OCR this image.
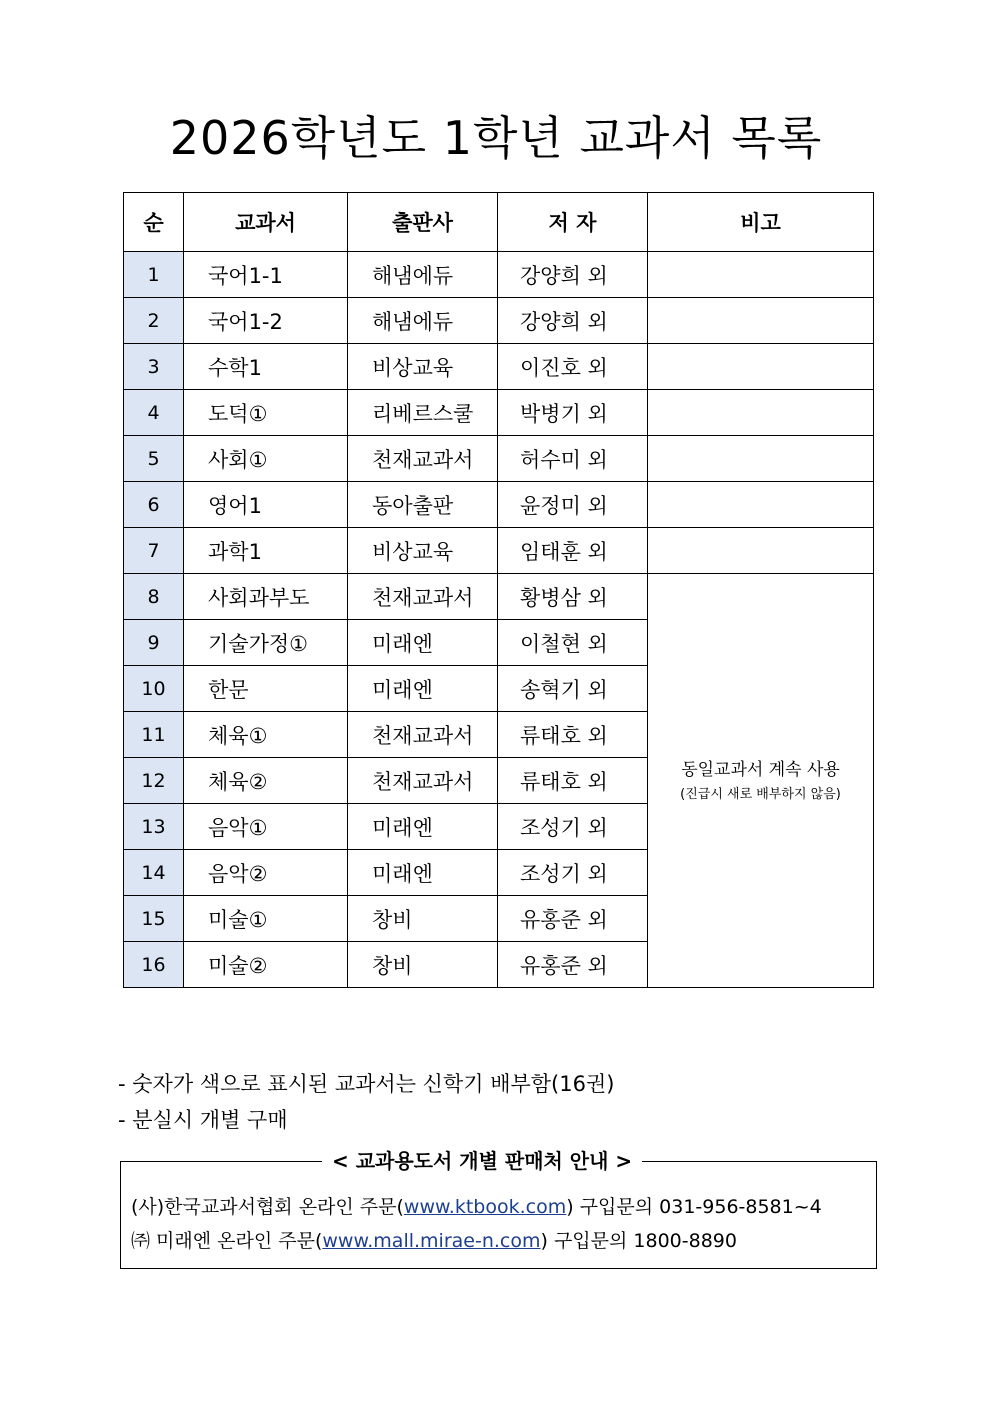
2026학년도 1학년 교과서 목록
순	교과서	출판사	저 자	비고
1	국어1-1	해냄에듀	강양희 외	
2	국어1-2	해냄에듀	강양희 외	
3	수학1	비상교육	이진호 외	
4	도덕①	리베르스쿨	박병기 외	
5	사회①	천재교과서	허수미 외	
6	영어1	동아출판	윤정미 외	
7	과학1	비상교육	임태훈 외	
8	사회과부도	천재교과서	황병삼 외	동일교과서 계속 사용
(진급시 새로 배부하지 않음)

9	기술가정①	미래엔	이철현 외	
10	한문	미래엔	송혁기 외	
11	체육①	천재교과서	류태호 외	
12	체육②	천재교과서	류태호 외	
13	음악①	미래엔	조성기 외	
14	음악②	미래엔	조성기 외	
15	미술①	창비	유홍준 외	
16	미술②	창비	유홍준 외	
- 숫자가 색으로 표시된 교과서는 신학기 배부함(16권)
- 분실시 개별 구매
< 교과용도서 개별 판매처 안내 >
(사)한국교과서협회 온라인 주문(www.ktbook.com) 구입문의 031-956-8581~4
㈜ 미래엔 온라인 주문(www.mall.mirae-n.com) 구입문의 1800-8890
